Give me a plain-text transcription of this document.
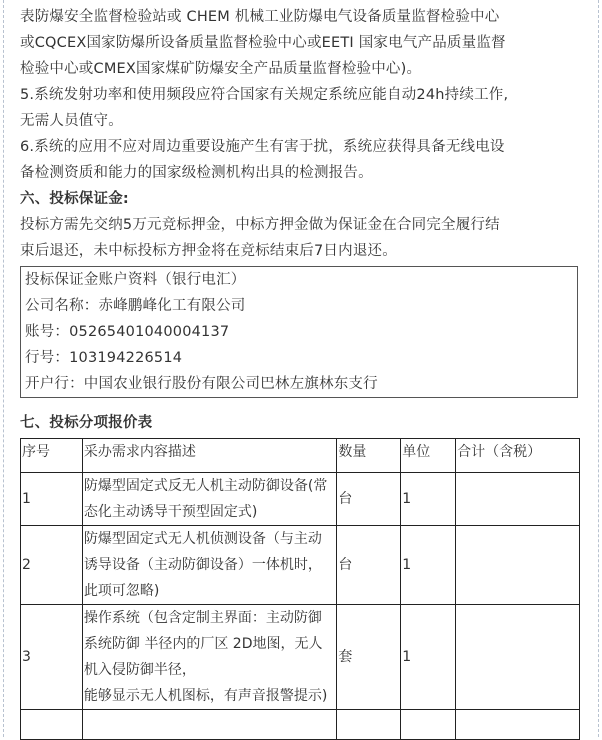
表防爆安全监督检验站或 CHEM 机械工业防爆电气设备质量监督检验中心

或CQCEX国家防爆所设备质量监督检验中心或EETI 国家电气产品质量监督

检验中心或CMEX国家煤矿防爆安全产品质量监督检验中心)。

5.系统发射功率和使用频段应符合国家有关规定系统应能自动24h持续工作,

无需人员值守。

6.系统的应用不应对周边重要设施产生有害于扰，系统应获得具备无线电设

备检测资质和能力的国家级检测机构出具的检测报告。

六、投标保证金:

投标方需先交纳5万元竞标押金，中标方押金做为保证金在合同完全履行结

束后退还，未中标投标方押金将在竞标结束后7日内退还。

投标保证金账户资料（银行电汇）

公司名称：赤峰鹏峰化工有限公司

账号：05265401040004137

行号：103194226514

开户行：中国农业银行股份有限公司巴林左旗林东支行

七、投标分项报价表

序号	采办需求内容描述	数量	单位	合计（含税）
1	防爆型固定式反无人机主动防御设备(常态化主动诱导干预型固定式)	台	1	
2	防爆型固定式无人机侦测设备（与主动诱导设备（主动防御设备）一体机时，此项可忽略)	台	1	
3	操作系统（包含定制主界面：主动防御系统防御 半径内的厂区 2D地图，无人机入侵防御半径，
能够显示无人机图标，有声音报警提示)	套	1	
